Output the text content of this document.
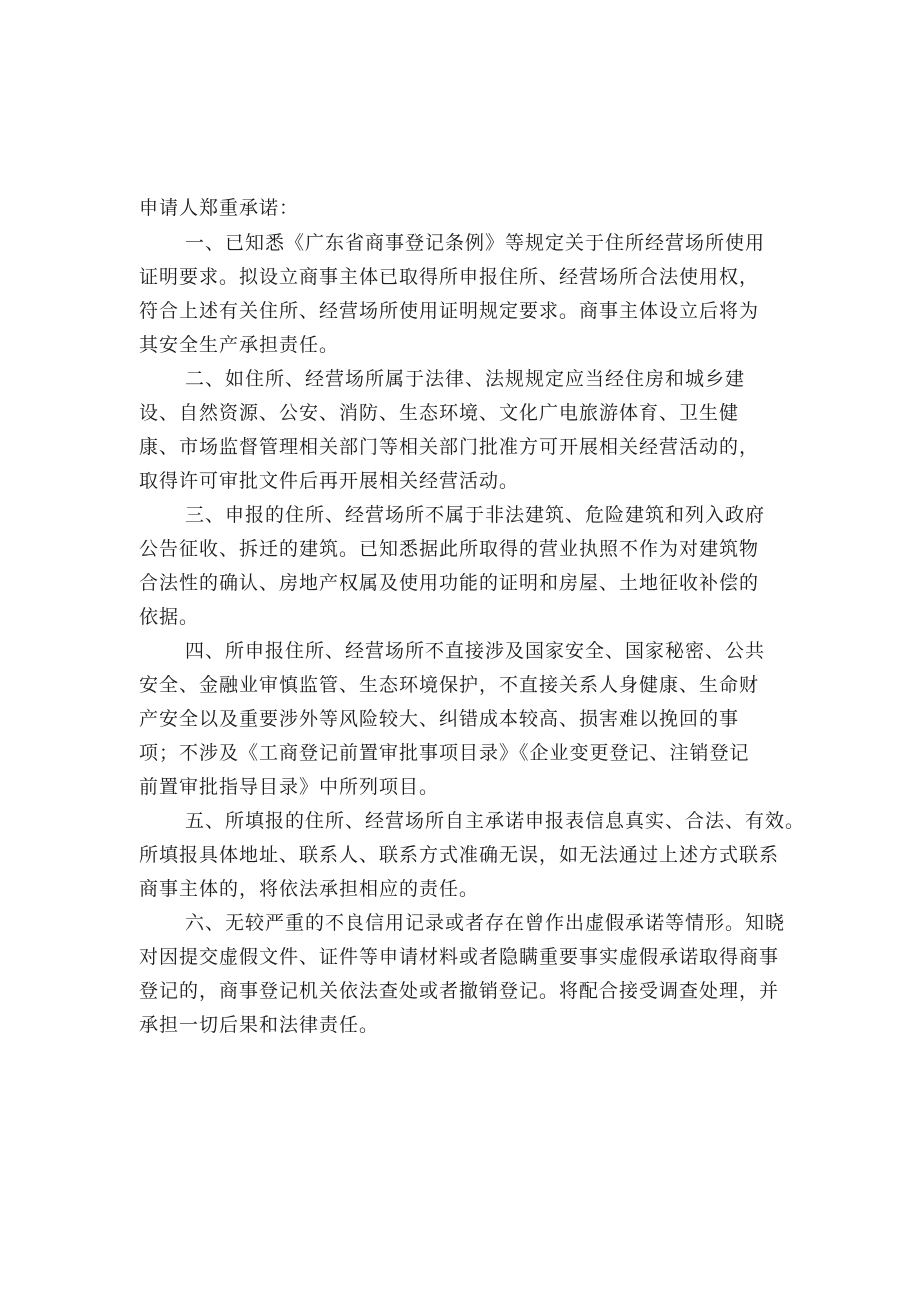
申请人郑重承诺：
一、已知悉《广东省商事登记条例》等规定关于住所经营场所使用
证明要求。拟设立商事主体已取得所申报住所、经营场所合法使用权，
符合上述有关住所、经营场所使用证明规定要求。商事主体设立后将为
其安全生产承担责任。
二、如住所、经营场所属于法律、法规规定应当经住房和城乡建
设、自然资源、公安、消防、生态环境、文化广电旅游体育、卫生健
康、市场监督管理相关部门等相关部门批准方可开展相关经营活动的，
取得许可审批文件后再开展相关经营活动。
三、申报的住所、经营场所不属于非法建筑、危险建筑和列入政府
公告征收、拆迁的建筑。已知悉据此所取得的营业执照不作为对建筑物
合法性的确认、房地产权属及使用功能的证明和房屋、土地征收补偿的
依据。
四、所申报住所、经营场所不直接涉及国家安全、国家秘密、公共
安全、金融业审慎监管、生态环境保护，不直接关系人身健康、生命财
产安全以及重要涉外等风险较大、纠错成本较高、损害难以挽回的事
项；不涉及《工商登记前置审批事项目录》《企业变更登记、注销登记
前置审批指导目录》中所列项目。
五、所填报的住所、经营场所自主承诺申报表信息真实、合法、有效。
所填报具体地址、联系人、联系方式准确无误，如无法通过上述方式联系
商事主体的，将依法承担相应的责任。
六、无较严重的不良信用记录或者存在曾作出虚假承诺等情形。知晓
对因提交虚假文件、证件等申请材料或者隐瞒重要事实虚假承诺取得商事
登记的，商事登记机关依法查处或者撤销登记。将配合接受调查处理，并
承担一切后果和法律责任。
